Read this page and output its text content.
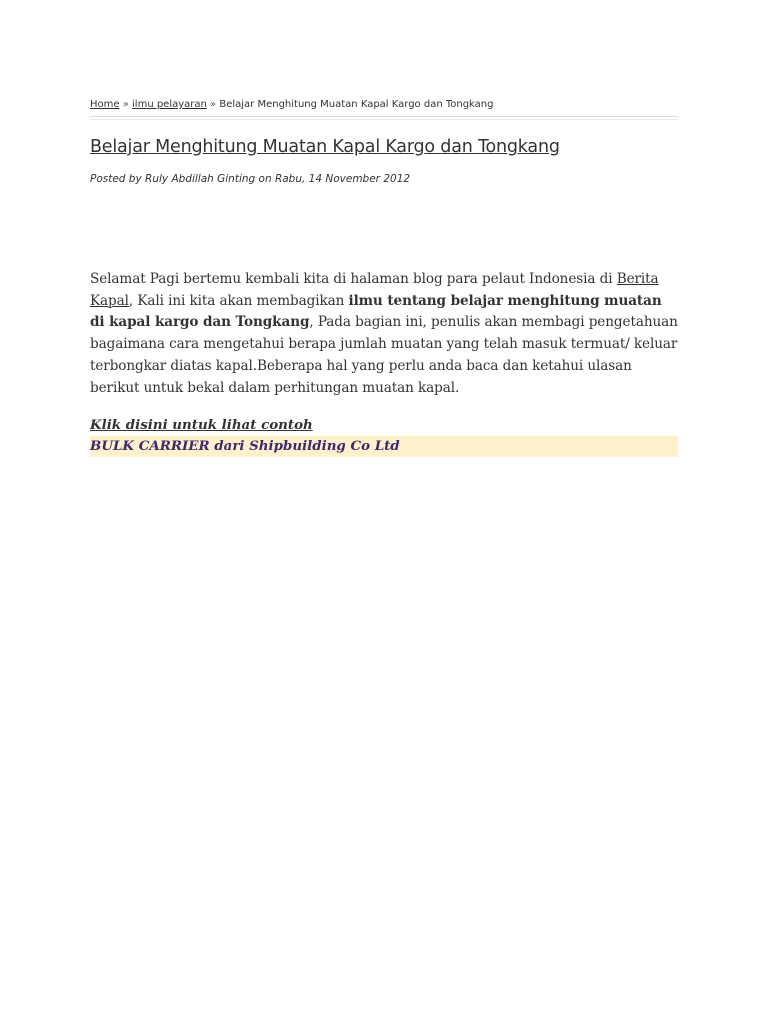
Home » ilmu pelayaran » Belajar Menghitung Muatan Kapal Kargo dan Tongkang
Belajar Menghitung Muatan Kapal Kargo dan Tongkang
Posted by Ruly Abdillah Ginting on Rabu, 14 November 2012
Selamat Pagi bertemu kembali kita di halaman blog para pelaut Indonesia di Berita Kapal, Kali ini kita akan membagikan ilmu tentang belajar menghitung muatan di kapal kargo dan Tongkang, Pada bagian ini, penulis akan membagi pengetahuan bagaimana cara mengetahui berapa jumlah muatan yang telah masuk termuat/ keluar terbongkar diatas kapal.Beberapa hal yang perlu anda baca dan ketahui ulasan berikut untuk bekal dalam perhitungan muatan kapal.
Klik disini untuk lihat contoh
BULK CARRIER dari Shipbuilding Co Ltd
